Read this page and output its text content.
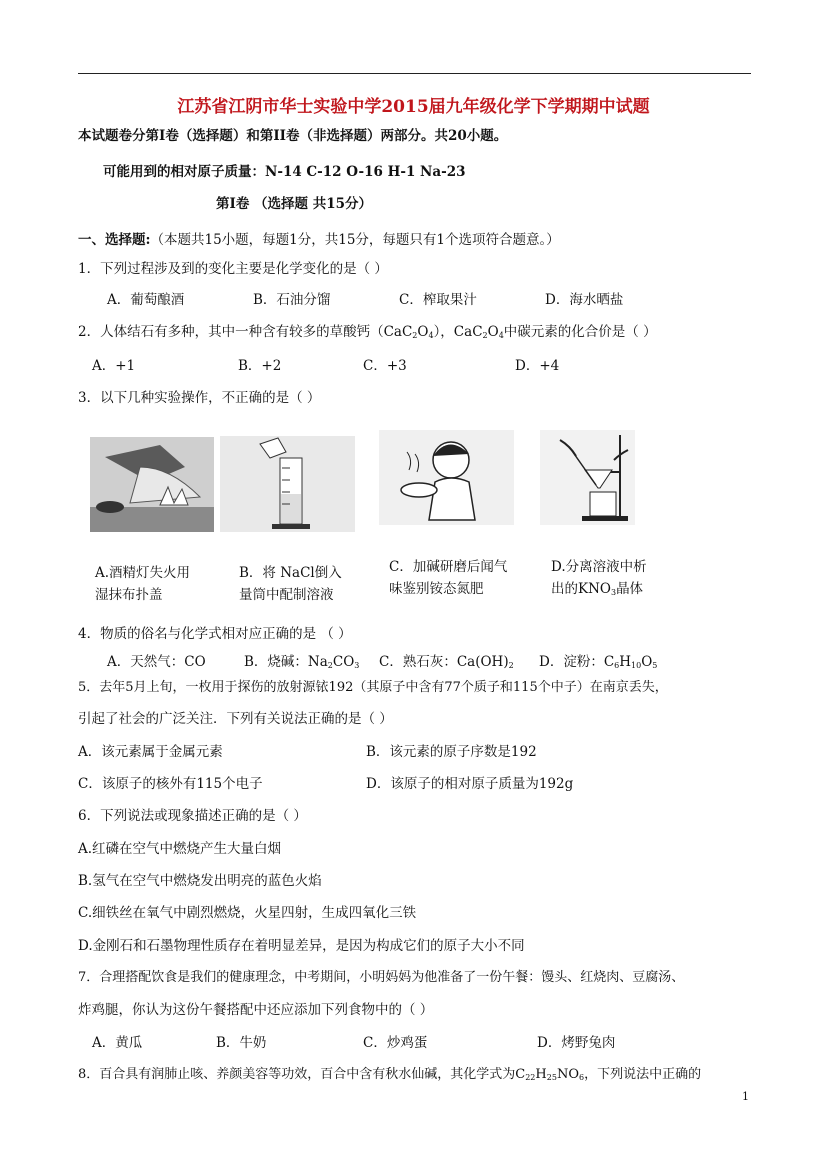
江苏省江阴市华士实验中学2015届九年级化学下学期期中试题
本试题卷分第I卷（选择题）和第II卷（非选择题）两部分。共20小题。
可能用到的相对原子质量：N-14 C-12 O-16 H-1 Na-23
第I卷 （选择题 共15分）
一、选择题:（本题共15小题，每题1分，共15分，每题只有1个选项符合题意。）
1．下列过程涉及到的变化主要是化学变化的是（ ）
A．葡萄酿酒	B．石油分馏	C．榨取果汁	D．海水晒盐
2．人体结石有多种，其中一种含有较多的草酸钙$(CaC_2O_4)$，$CaC_2O_4$中碳元素的化合价是（ ）
A．+1	B．+2	C．+3	D．+4
3．以下几种实验操作，不正确的是（ ）
A.酒精灯失火用
湿抹布扑盖
B．将 NaCl倒入
量筒中配制溶液
C．加碱研磨后闻气
味鉴别铵态氮肥
D.分离溶液中析
出的$KNO_3$晶体
4．物质的俗名与化学式相对应正确的是 （ ）
A．天然气：CO	B．烧碱：$Na_2CO_3$ C．熟石灰：$Ca(OH)_2$ D．淀粉：$C_6H_{10}O_5$
5．去年5月上旬，一枚用于探伤的放射源铱192（其原子中含有77个质子和115个中子）在南京丢失，
引起了社会的广泛关注．下列有关说法正确的是（ ）
A．该元素属于金属元素	B．该元素的原子序数是192
C．该原子的核外有115个电子	D．该原子的相对原子质量为192g
6．下列说法或现象描述正确的是（ ）
A.红磷在空气中燃烧产生大量白烟
B.氢气在空气中燃烧发出明亮的蓝色火焰
C.细铁丝在氧气中剧烈燃烧，火星四射，生成四氧化三铁
D.金刚石和石墨物理性质存在着明显差异，是因为构成它们的原子大小不同
7．合理搭配饮食是我们的健康理念，中考期间，小明妈妈为他准备了一份午餐：馒头、红烧肉、豆腐汤、
炸鸡腿，你认为这份午餐搭配中还应添加下列食物中的（ ）
A．黄瓜	B．牛奶	C．炒鸡蛋	D．烤野兔肉
8．百合具有润肺止咳、养颜美容等功效，百合中含有秋水仙碱，其化学式为$C_{22}H_{25}NO_6$，下列说法中正确的
1
